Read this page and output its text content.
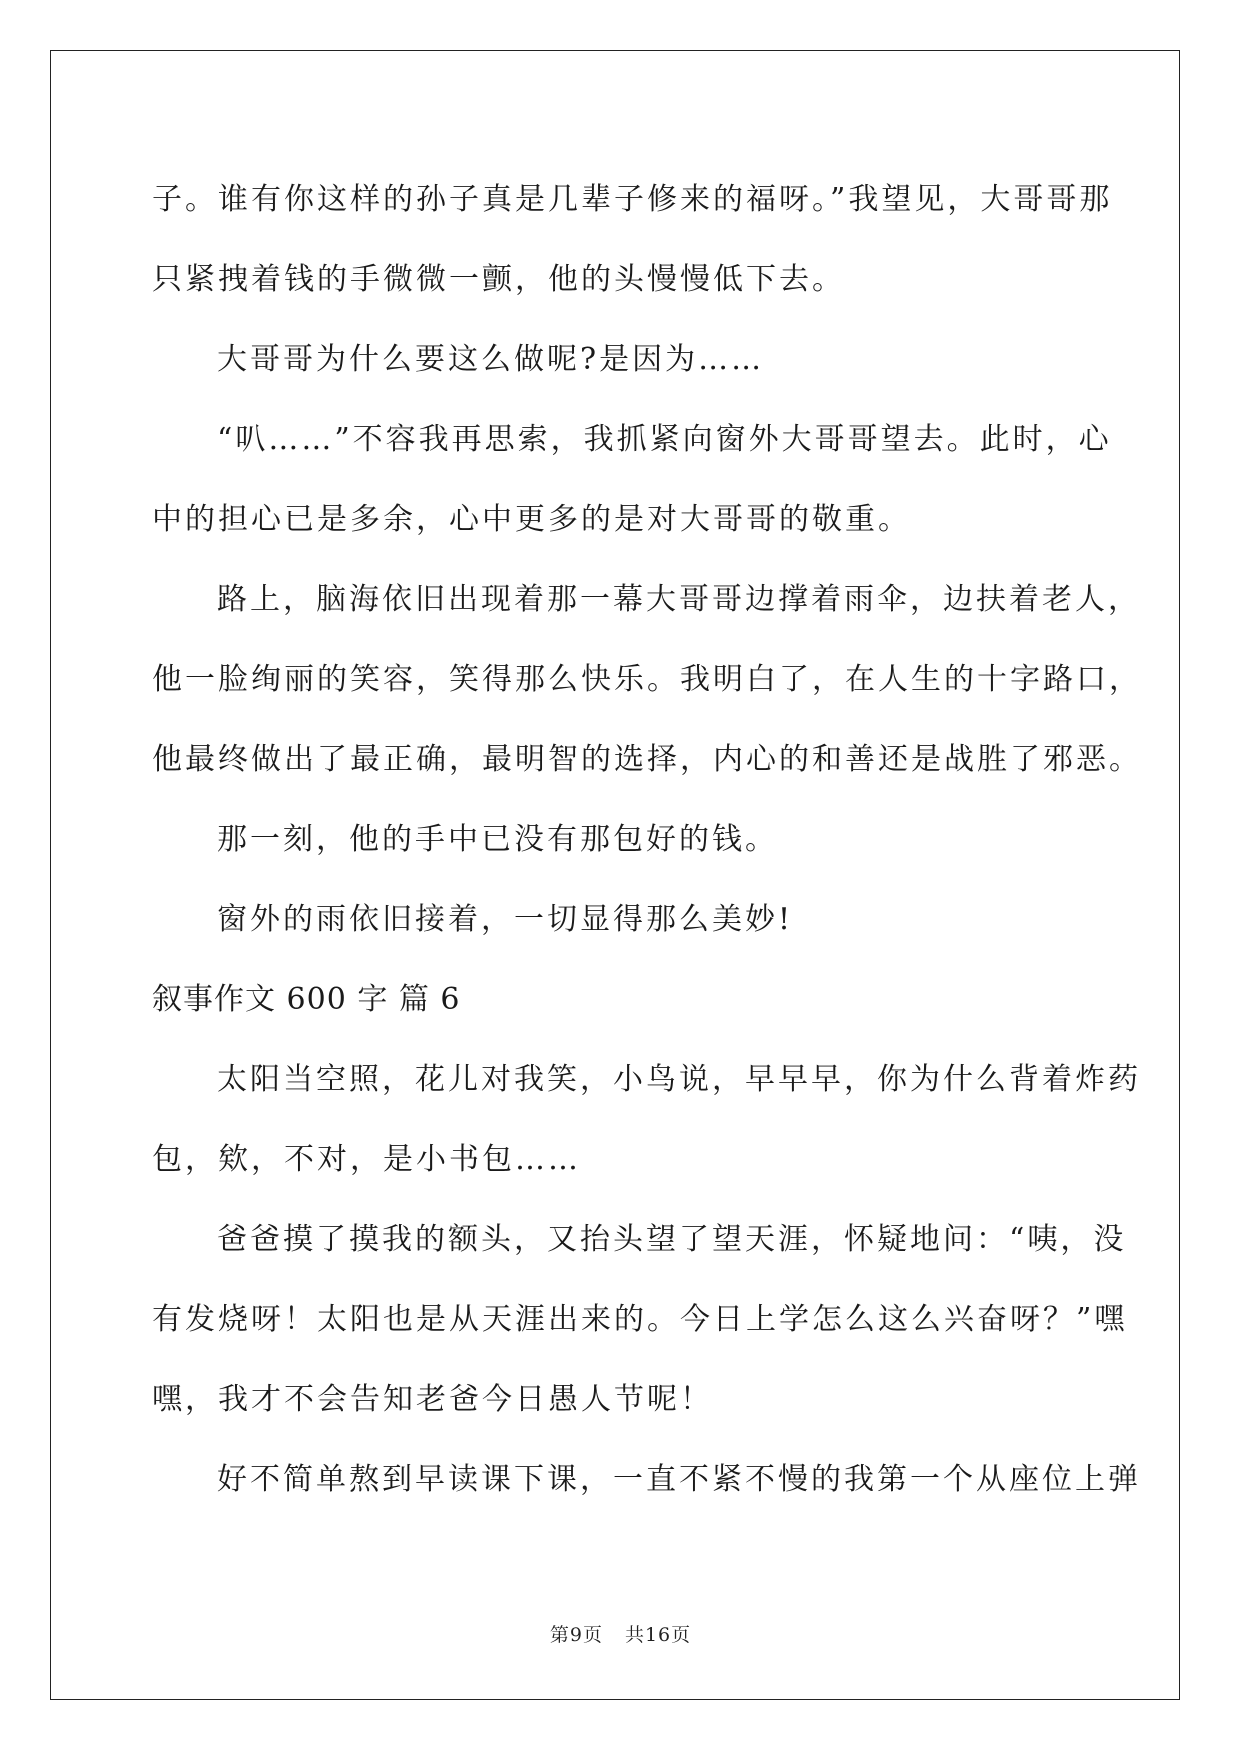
子。谁有你这样的孙子真是几辈子修来的福呀。”我望见，大哥哥那
只紧拽着钱的手微微一颤，他的头慢慢低下去。
大哥哥为什么要这么做呢?是因为……
“叭……”不容我再思索，我抓紧向窗外大哥哥望去。此时，心
中的担心已是多余，心中更多的是对大哥哥的敬重。
路上，脑海依旧出现着那一幕大哥哥边撑着雨伞，边扶着老人，
他一脸绚丽的笑容，笑得那么快乐。我明白了，在人生的十字路口，
他最终做出了最正确，最明智的选择，内心的和善还是战胜了邪恶。
那一刻，他的手中已没有那包好的钱。
窗外的雨依旧接着，一切显得那么美妙!
叙事作文 600 字 篇 6
太阳当空照，花儿对我笑，小鸟说，早早早，你为什么背着炸药
包，欸，不对，是小书包……
爸爸摸了摸我的额头，又抬头望了望天涯，怀疑地问：“咦，没
有发烧呀！太阳也是从天涯出来的。今日上学怎么这么兴奋呀？”嘿
嘿，我才不会告知老爸今日愚人节呢！
好不简单熬到早读课下课，一直不紧不慢的我第一个从座位上弹
第9页 共16页
